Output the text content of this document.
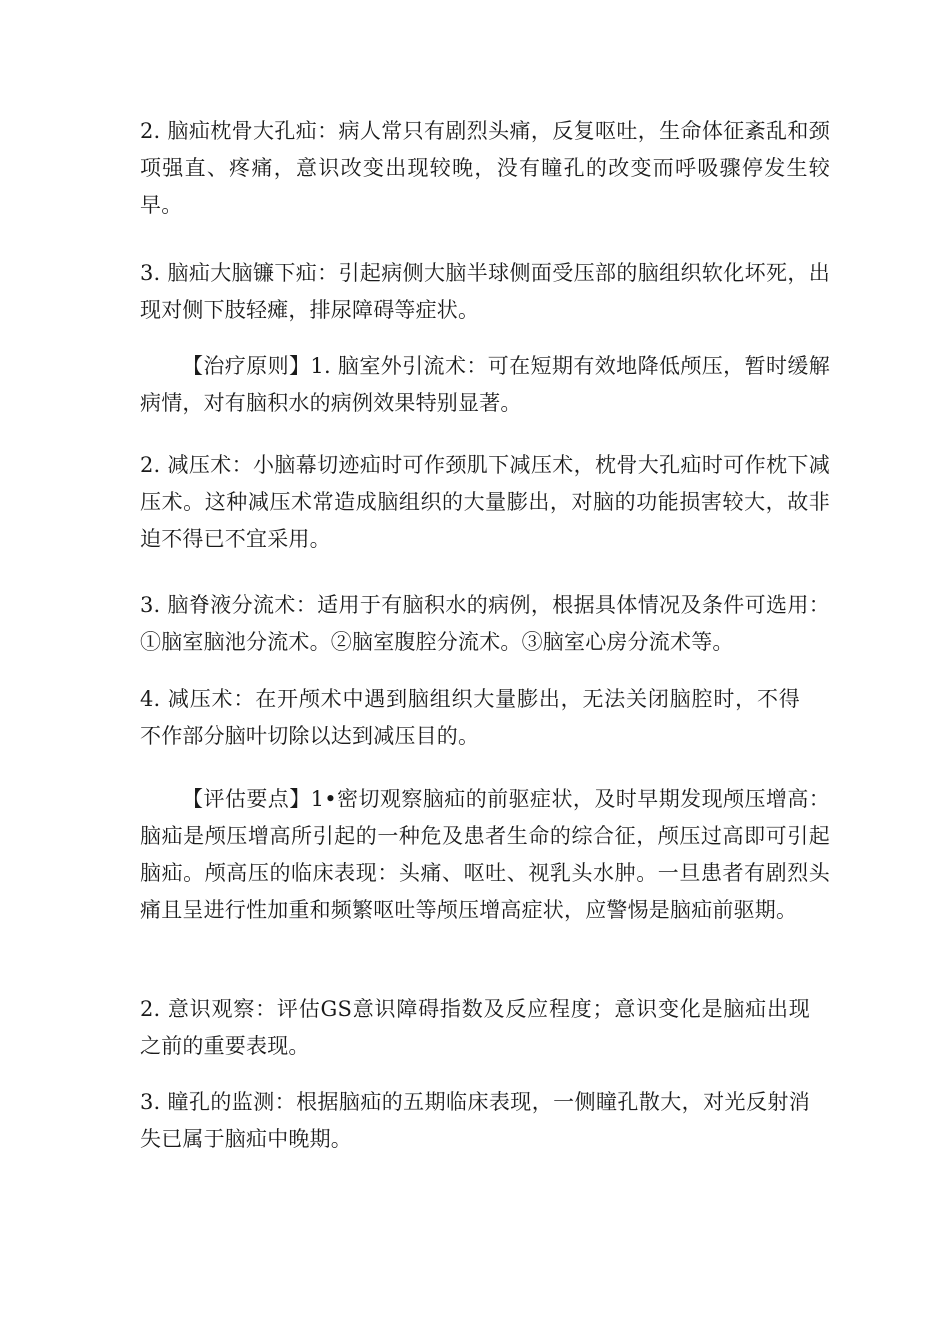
2. 脑疝枕骨大孔疝：病人常只有剧烈头痛，反复呕吐，生命体征紊乱和颈项强直、疼痛，意识改变出现较晚，没有瞳孔的改变而呼吸骤停发生较早。

3. 脑疝大脑镰下疝：引起病侧大脑半球侧面受压部的脑组织软化坏死，出现对侧下肢轻瘫，排尿障碍等症状。

【治疗原则】1. 脑室外引流术：可在短期有效地降低颅压，暂时缓解病情，对有脑积水的病例效果特别显著。

2. 减压术：小脑幕切迹疝时可作颈肌下减压术，枕骨大孔疝时可作枕下减压术。这种减压术常造成脑组织的大量膨出，对脑的功能损害较大，故非迫不得已不宜采用。

3. 脑脊液分流术：适用于有脑积水的病例，根据具体情况及条件可选用：①脑室脑池分流术。②脑室腹腔分流术。③脑室心房分流术等。

4. 减压术：在开颅术中遇到脑组织大量膨出，无法关闭脑腔时，不得不作部分脑叶切除以达到减压目的。

【评估要点】1•密切观察脑疝的前驱症状，及时早期发现颅压增高：脑疝是颅压增高所引起的一种危及患者生命的综合征，颅压过高即可引起脑疝。颅高压的临床表现：头痛、呕吐、视乳头水肿。一旦患者有剧烈头痛且呈进行性加重和频繁呕吐等颅压增高症状，应警惕是脑疝前驱期。

2. 意识观察：评估GS意识障碍指数及反应程度；意识变化是脑疝出现之前的重要表现。

3. 瞳孔的监测：根据脑疝的五期临床表现，一侧瞳孔散大，对光反射消失已属于脑疝中晚期。
